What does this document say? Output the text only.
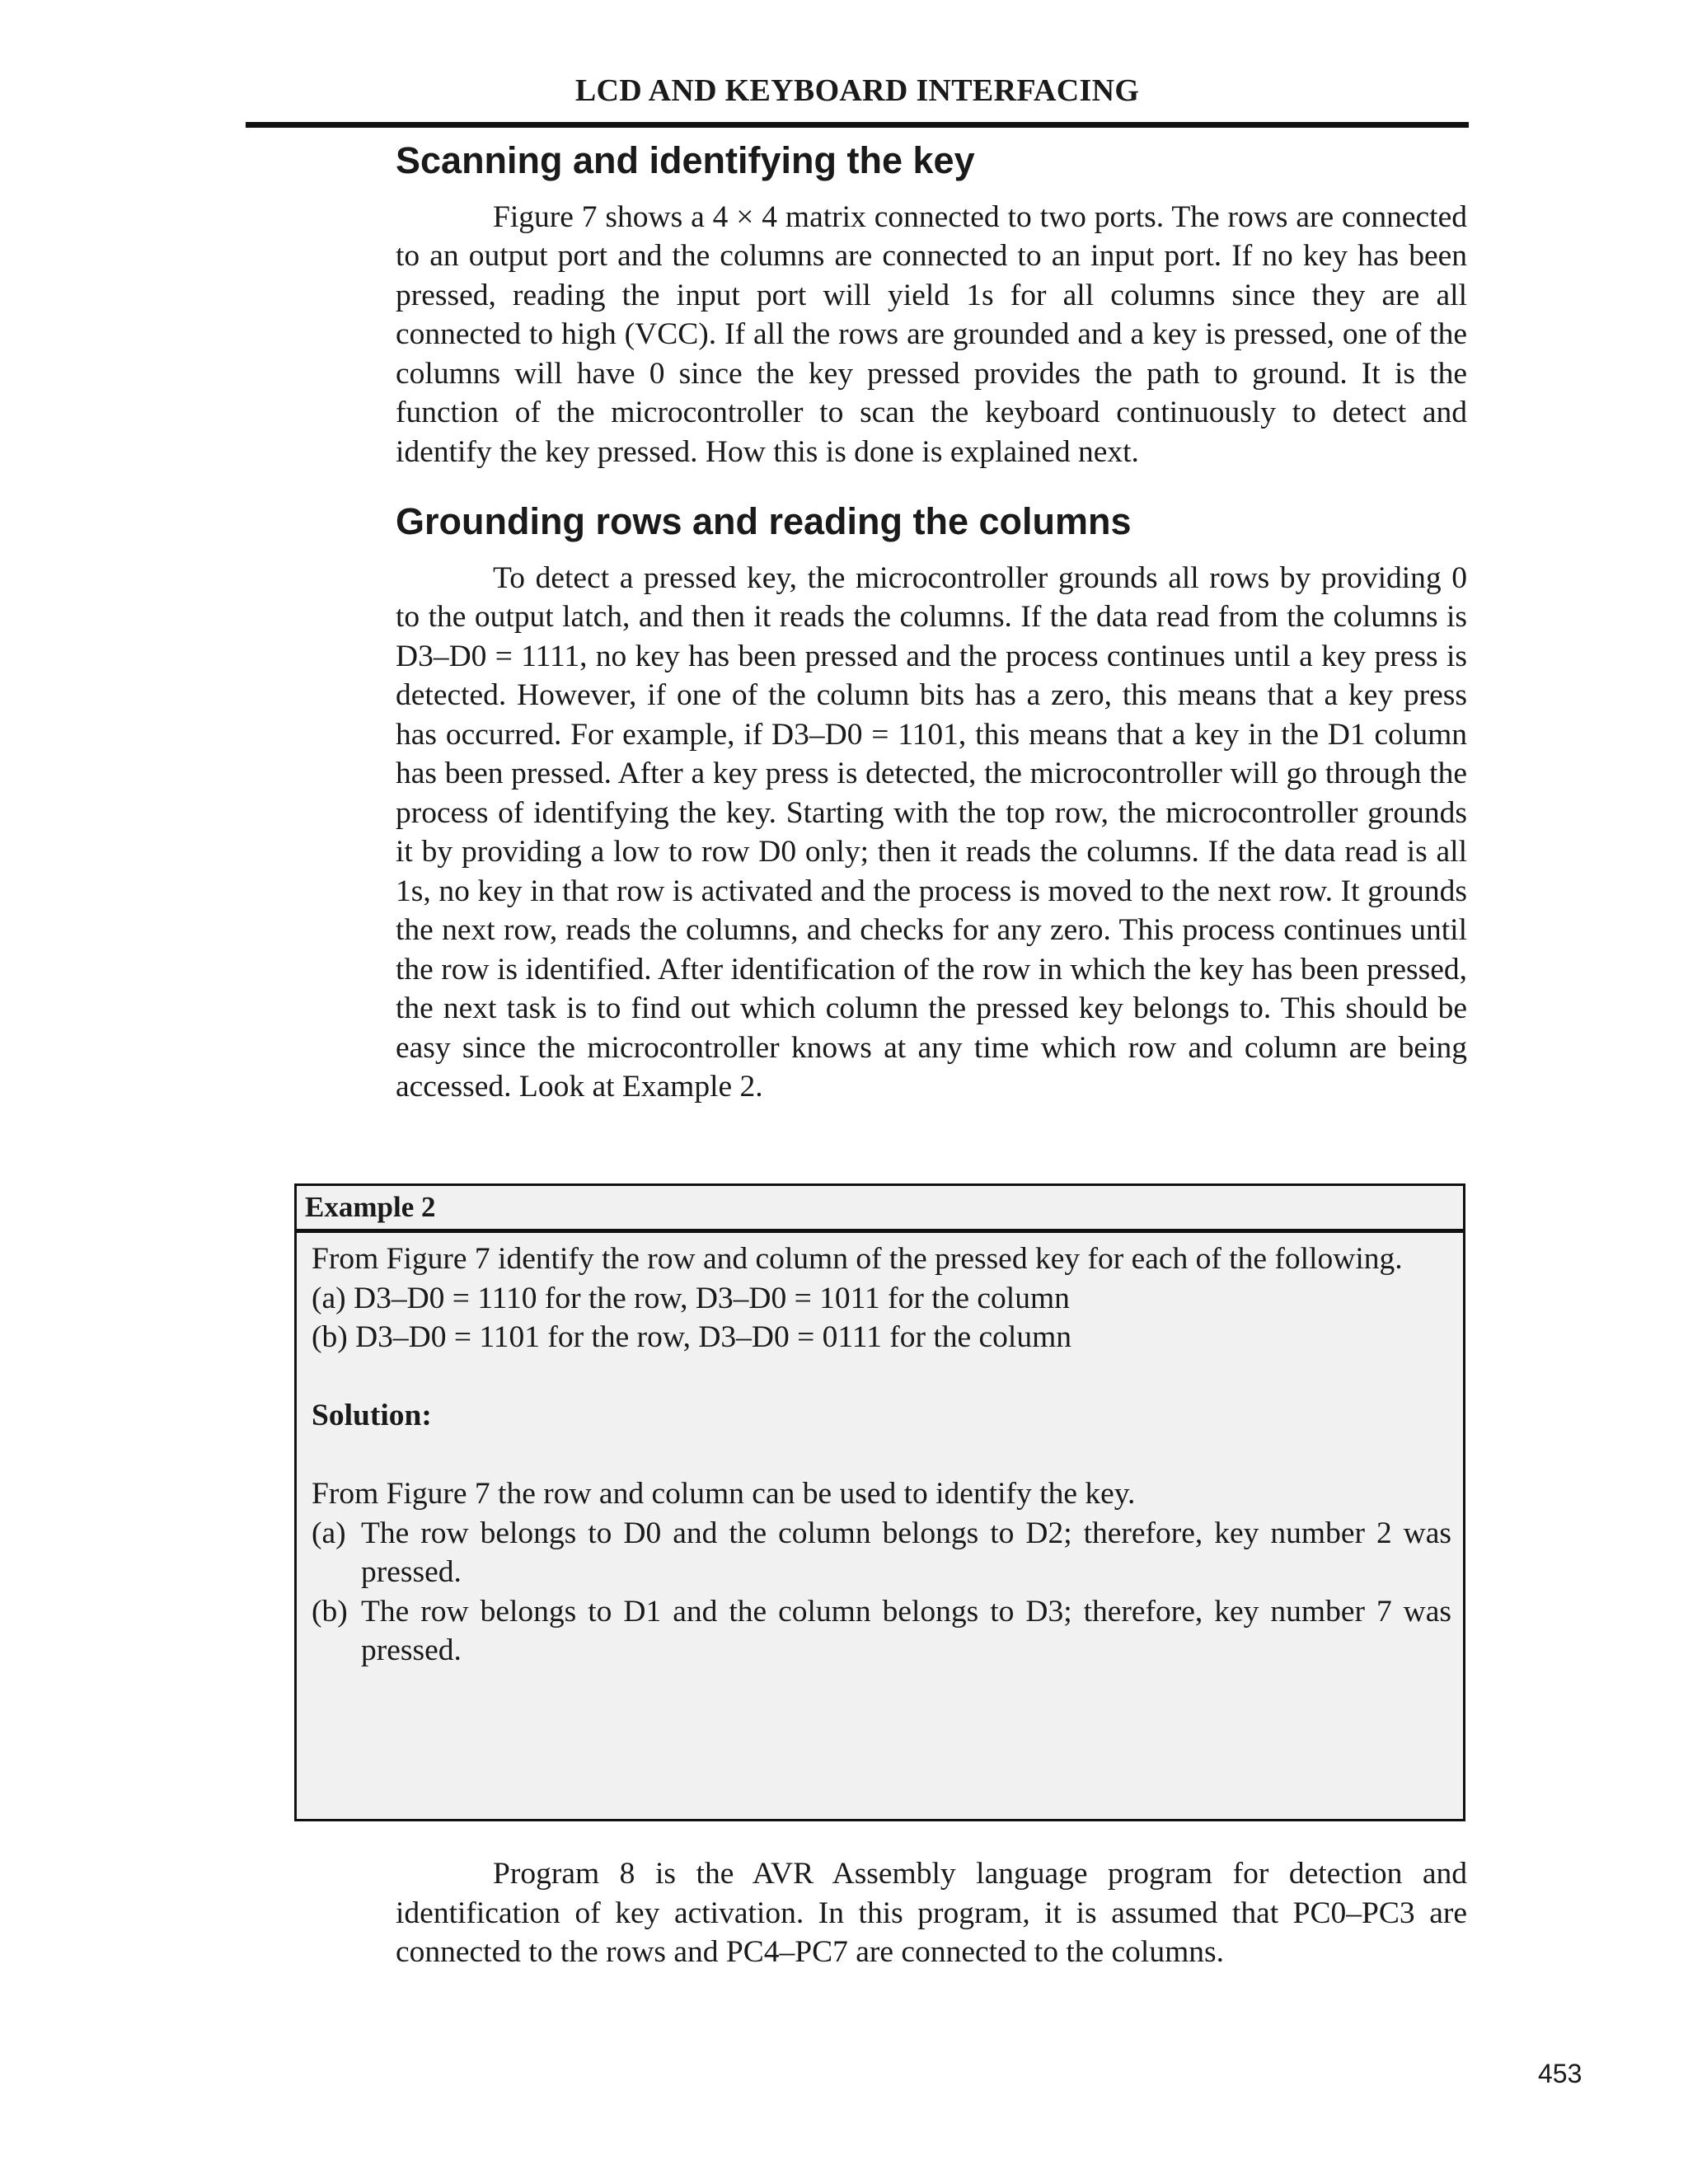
LCD AND KEYBOARD INTERFACING
Scanning and identifying the key

Figure 7 shows a 4 × 4 matrix connected to two ports. The rows are connected to an output port and the columns are connected to an input port. If no key has been pressed, reading the input port will yield 1s for all columns since they are all connected to high (VCC). If all the rows are grounded and a key is pressed, one of the columns will have 0 since the key pressed provides the path to ground. It is the function of the microcontroller to scan the keyboard continuously to detect and identify the key pressed. How this is done is explained next.

Grounding rows and reading the columns

To detect a pressed key, the microcontroller grounds all rows by providing 0 to the output latch, and then it reads the columns. If the data read from the columns is D3–D0 = 1111, no key has been pressed and the process continues until a key press is detected. However, if one of the column bits has a zero, this means that a key press has occurred. For example, if D3–D0 = 1101, this means that a key in the D1 column has been pressed. After a key press is detected, the microcontroller will go through the process of identifying the key. Starting with the top row, the microcontroller grounds it by providing a low to row D0 only; then it reads the columns. If the data read is all 1s, no key in that row is activated and the process is moved to the next row. It grounds the next row, reads the columns, and checks for any zero. This process continues until the row is identified. After identification of the row in which the key has been pressed, the next task is to find out which column the pressed key belongs to. This should be easy since the microcontroller knows at any time which row and column are being accessed. Look at Example 2.

Example 2

From Figure 7 identify the row and column of the pressed key for each of the following.

(a) D3–D0 = 1110 for the row, D3–D0 = 1011 for the column

(b) D3–D0 = 1101 for the row, D3–D0 = 0111 for the column

Solution:

From Figure 7 the row and column can be used to identify the key.

(a) The row belongs to D0 and the column belongs to D2; therefore, key number 2 was pressed.
(b) The row belongs to D1 and the column belongs to D3; therefore, key number 7 was pressed.

Program 8 is the AVR Assembly language program for detection and identification of key activation. In this program, it is assumed that PC0–PC3 are connected to the rows and PC4–PC7 are connected to the columns.

453
